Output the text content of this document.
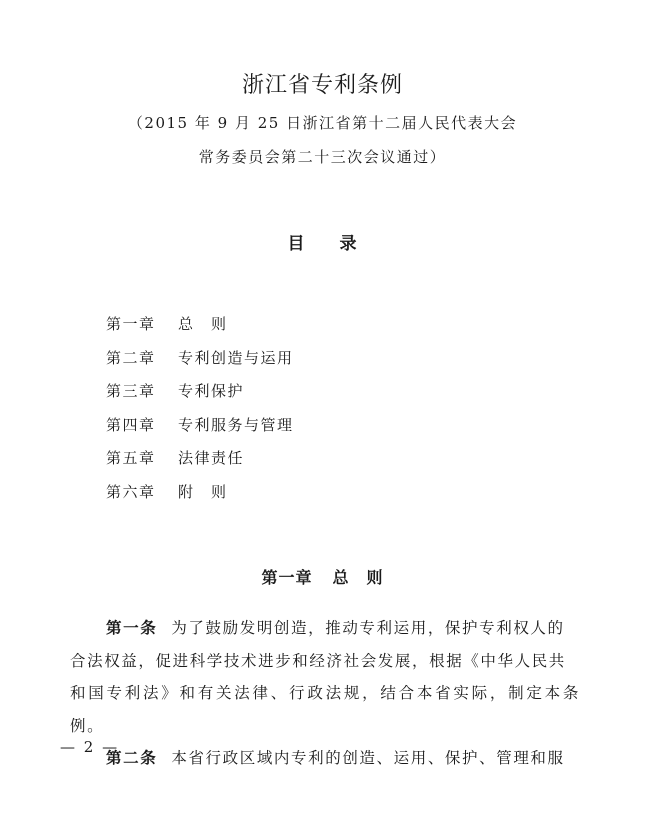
浙江省专利条例
（2015 年 9 月 25 日浙江省第十二届人民代表大会
常务委员会第二十三次会议通过）
目 录
第一章 总　则
第二章 专利创造与运用
第三章 专利保护
第四章 专利服务与管理
第五章 法律责任
第六章 附　则
第一章 总　则
第一条 为了鼓励发明创造，推动专利运用，保护专利权人的
合法权益，促进科学技术进步和经济社会发展，根据《中华人民共
和国专利法》和有关法律、行政法规，结合本省实际，制定本条例。
第二条 本省行政区域内专利的创造、运用、保护、管理和服
— 2 —
